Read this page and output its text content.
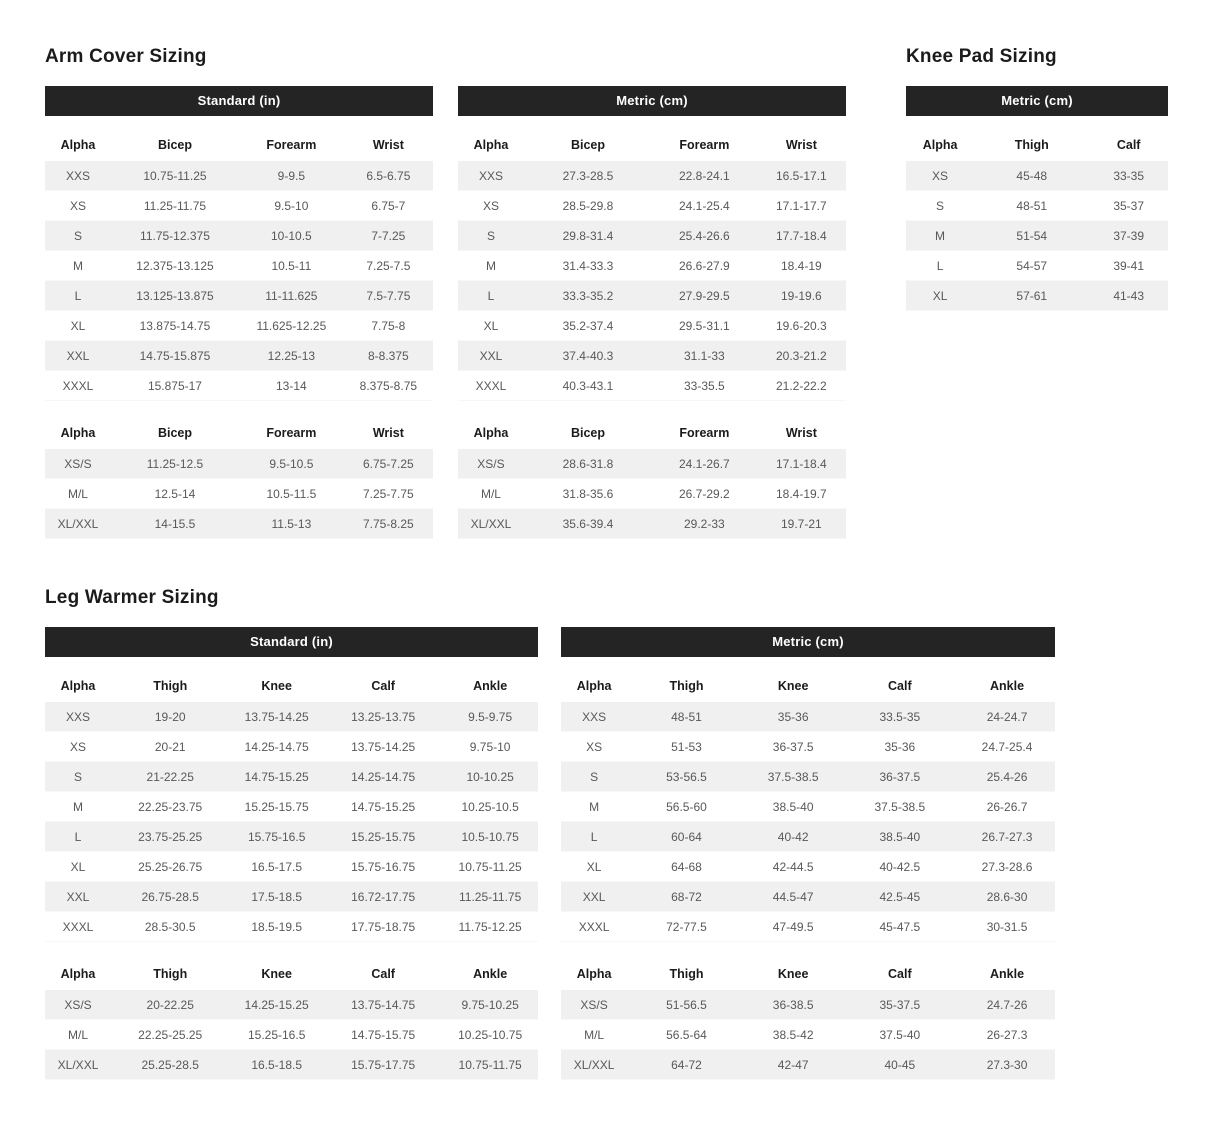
Arm Cover Sizing	Knee Pad Sizing
Leg Warmer Sizing
Standard (in)
Alpha	Bicep	Forearm	Wrist
XXS	10.75-11.25	9-9.5	6.5-6.75
XS	11.25-11.75	9.5-10	6.75-7
S	11.75-12.375	10-10.5	7-7.25
M	12.375-13.125	10.5-11	7.25-7.5
L	13.125-13.875	11-11.625	7.5-7.75
XL	13.875-14.75	11.625-12.25	7.75-8
XXL	14.75-15.875	12.25-13	8-8.375
XXXL	15.875-17	13-14	8.375-8.75
Alpha	Bicep	Forearm	Wrist
XS/S	11.25-12.5	9.5-10.5	6.75-7.25
M/L	12.5-14	10.5-11.5	7.25-7.75
XL/XXL	14-15.5	11.5-13	7.75-8.25
Metric (cm)
Alpha	Bicep	Forearm	Wrist
XXS	27.3-28.5	22.8-24.1	16.5-17.1
XS	28.5-29.8	24.1-25.4	17.1-17.7
S	29.8-31.4	25.4-26.6	17.7-18.4
M	31.4-33.3	26.6-27.9	18.4-19
L	33.3-35.2	27.9-29.5	19-19.6
XL	35.2-37.4	29.5-31.1	19.6-20.3
XXL	37.4-40.3	31.1-33	20.3-21.2
XXXL	40.3-43.1	33-35.5	21.2-22.2
Alpha	Bicep	Forearm	Wrist
XS/S	28.6-31.8	24.1-26.7	17.1-18.4
M/L	31.8-35.6	26.7-29.2	18.4-19.7
XL/XXL	35.6-39.4	29.2-33	19.7-21
Metric (cm)
Alpha	Thigh	Calf
XS	45-48	33-35
S	48-51	35-37
M	51-54	37-39
L	54-57	39-41
XL	57-61	41-43
Standard (in)
Alpha	Thigh	Knee	Calf	Ankle
XXS	19-20	13.75-14.25	13.25-13.75	9.5-9.75
XS	20-21	14.25-14.75	13.75-14.25	9.75-10
S	21-22.25	14.75-15.25	14.25-14.75	10-10.25
M	22.25-23.75	15.25-15.75	14.75-15.25	10.25-10.5
L	23.75-25.25	15.75-16.5	15.25-15.75	10.5-10.75
XL	25.25-26.75	16.5-17.5	15.75-16.75	10.75-11.25
XXL	26.75-28.5	17.5-18.5	16.72-17.75	11.25-11.75
XXXL	28.5-30.5	18.5-19.5	17.75-18.75	11.75-12.25
Alpha	Thigh	Knee	Calf	Ankle
XS/S	20-22.25	14.25-15.25	13.75-14.75	9.75-10.25
M/L	22.25-25.25	15.25-16.5	14.75-15.75	10.25-10.75
XL/XXL	25.25-28.5	16.5-18.5	15.75-17.75	10.75-11.75
Metric (cm)
Alpha	Thigh	Knee	Calf	Ankle
XXS	48-51	35-36	33.5-35	24-24.7
XS	51-53	36-37.5	35-36	24.7-25.4
S	53-56.5	37.5-38.5	36-37.5	25.4-26
M	56.5-60	38.5-40	37.5-38.5	26-26.7
L	60-64	40-42	38.5-40	26.7-27.3
XL	64-68	42-44.5	40-42.5	27.3-28.6
XXL	68-72	44.5-47	42.5-45	28.6-30
XXXL	72-77.5	47-49.5	45-47.5	30-31.5
Alpha	Thigh	Knee	Calf	Ankle
XS/S	51-56.5	36-38.5	35-37.5	24.7-26
M/L	56.5-64	38.5-42	37.5-40	26-27.3
XL/XXL	64-72	42-47	40-45	27.3-30
